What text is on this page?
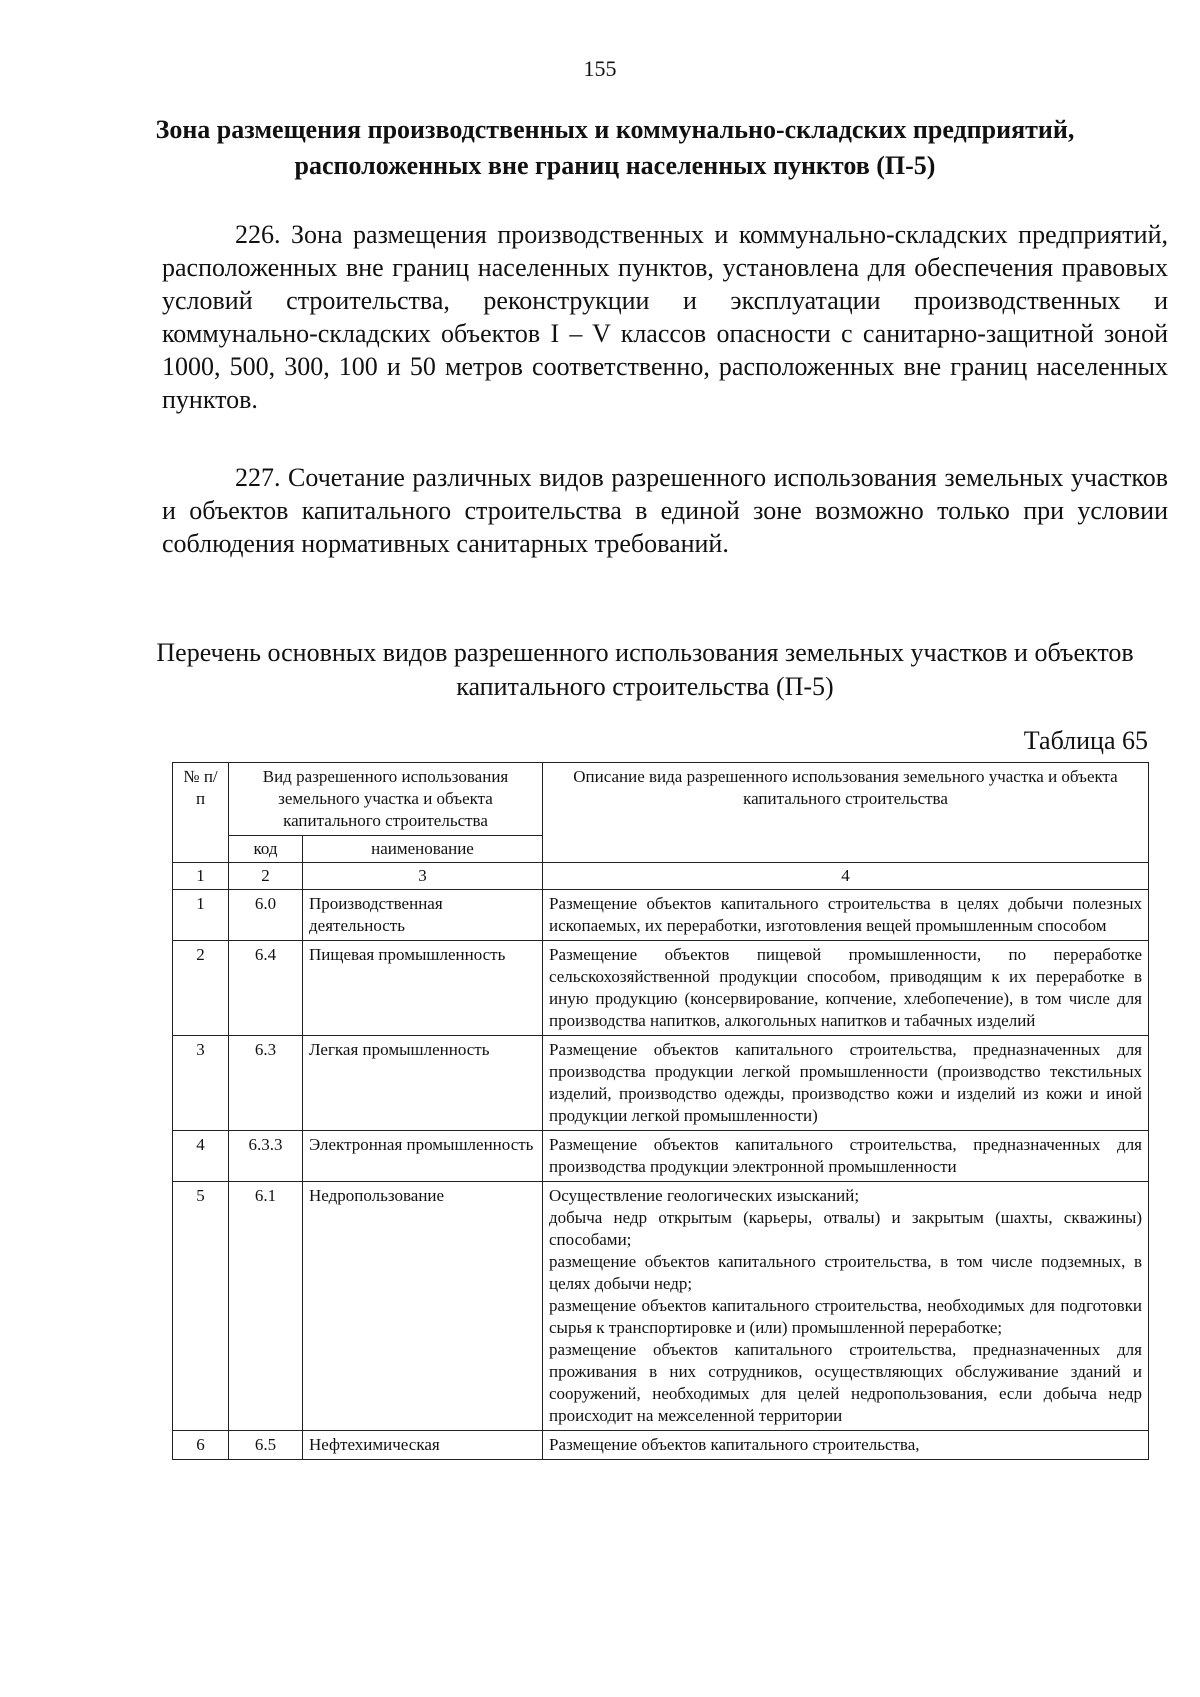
155
Зона размещения производственных и коммунально-складских предприятий, расположенных вне границ населенных пунктов (П-5)

226. Зона размещения производственных и коммунально-складских предприятий, расположенных вне границ населенных пунктов, установлена для обеспечения правовых условий строительства, реконструкции и эксплуатации производственных и коммунально-складских объектов I – V классов опасности с санитарно-защитной зоной 1000, 500, 300, 100 и 50 метров соответственно, расположенных вне границ населенных пунктов.

227. Сочетание различных видов разрешенного использования земельных участков и объектов капитального строительства в единой зоне возможно только при условии соблюдения нормативных санитарных требований.

Перечень основных видов разрешенного использования земельных участков и объектов капитального строительства (П-5)
Таблица 65
№ п/п	Вид разрешенного использования земельного участка и объекта капитального строительства		Описание вида разрешенного использования земельного участка и объекта капитального строительства
	код	наименование	
1	2	3	4
1	6.0	Производственная деятельность	Размещение объектов капитального строительства в целях добычи полезных ископаемых, их переработки, изготовления вещей промышленным способом
2	6.4	Пищевая промышленность	Размещение объектов пищевой промышленности, по переработке сельскохозяйственной продукции способом, приводящим к их переработке в иную продукцию (консервирование, копчение, хлебопечение), в том числе для производства напитков, алкогольных напитков и табачных изделий
3	6.3	Легкая промышленность	Размещение объектов капитального строительства, предназначенных для производства продукции легкой промышленности (производство текстильных изделий, производство одежды, производство кожи и изделий из кожи и иной продукции легкой промышленности)
4	6.3.3	Электронная промышленность	Размещение объектов капитального строительства, предназначенных для производства продукции электронной промышленности
5	6.1	Недропользование	Осуществление геологических изысканий;
добыча недр открытым (карьеры, отвалы) и закрытым (шахты, скважины) способами;
размещение объектов капитального строительства, в том числе подземных, в целях добычи недр;
размещение объектов капитального строительства, необходимых для подготовки сырья к транспортировке и (или) промышленной переработке;
размещение объектов капитального строительства, предназначенных для проживания в них сотрудников, осуществляющих обслуживание зданий и сооружений, необходимых для целей недропользования, если добыча недр происходит на межселенной территории

6	6.5	Нефтехимическая	Размещение объектов капитального строительства,
